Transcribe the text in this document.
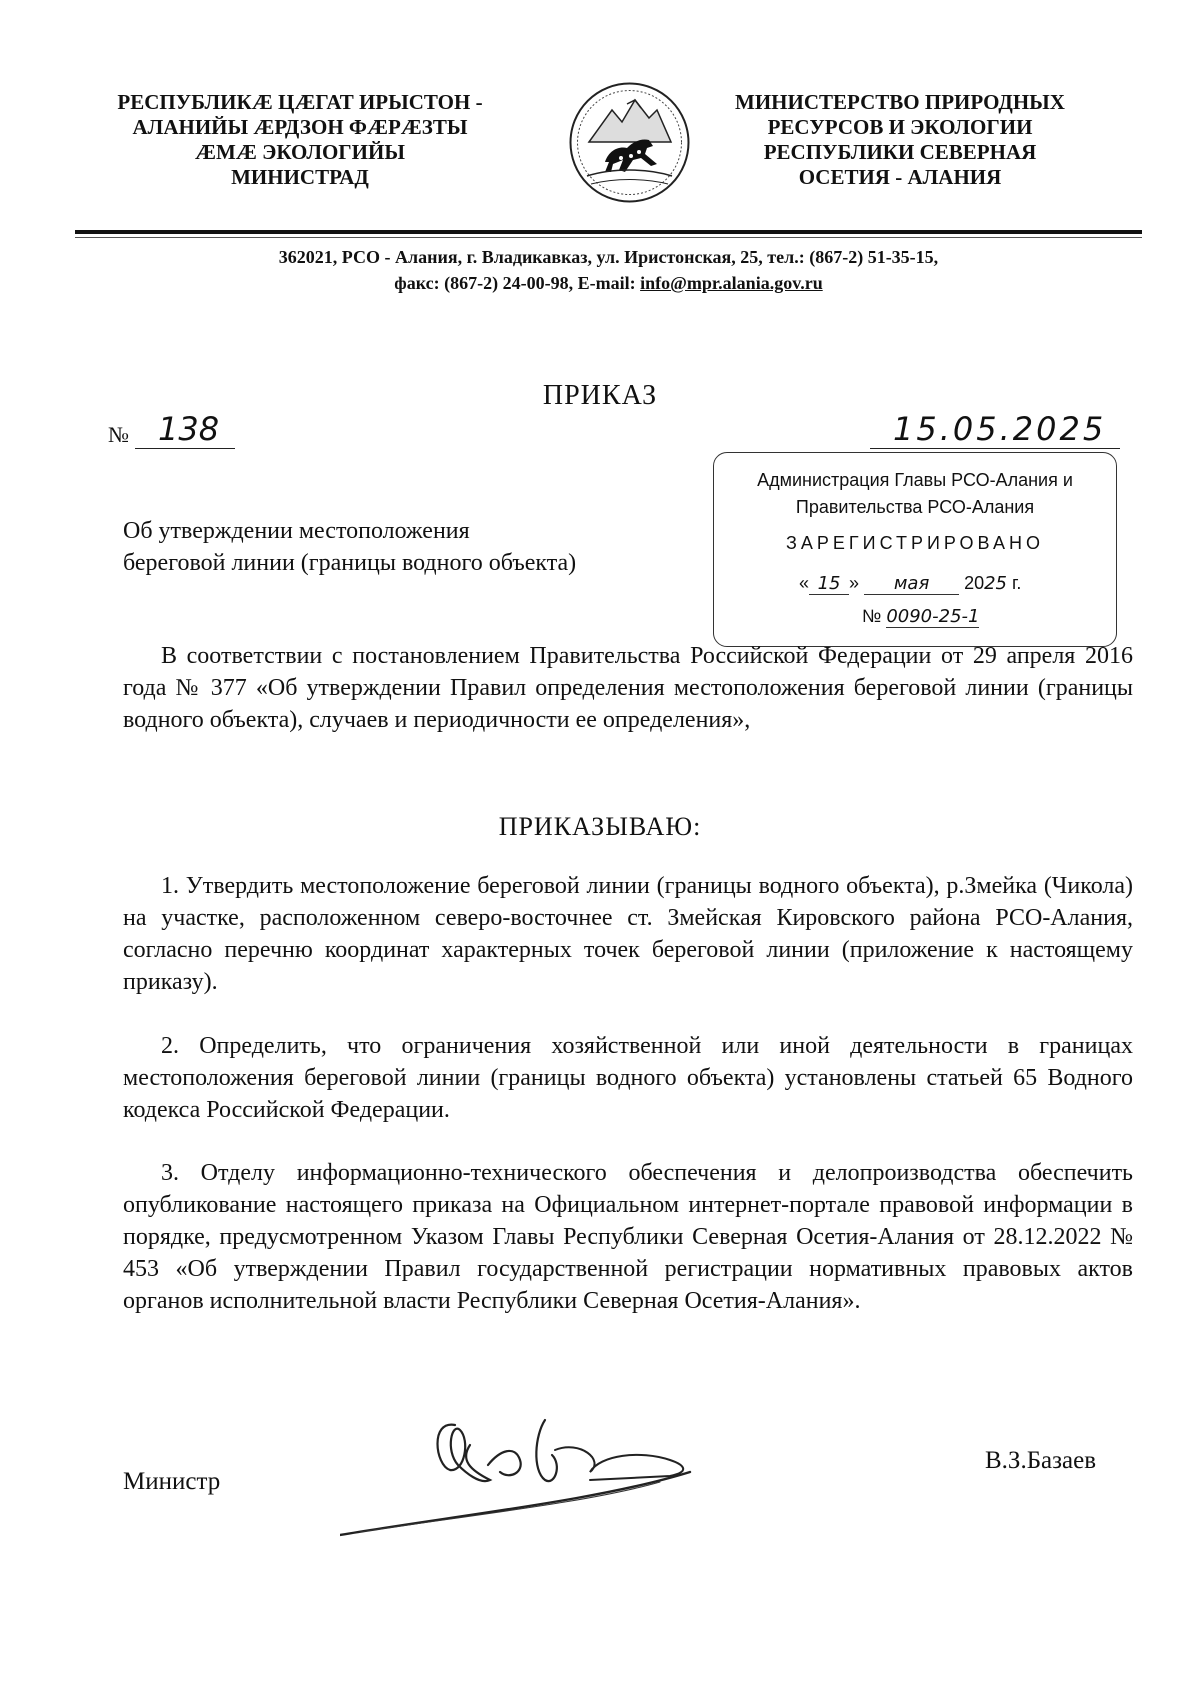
РЕСПУБЛИКӔ ЦӔГАТ ИРЫСТОН -
АЛАНИЙЫ ӔРДЗОН ФӔРӔЗТЫ
ӔМӔ ЭКОЛОГИЙЫ
МИНИСТРАД
МИНИСТЕРСТВО ПРИРОДНЫХ
РЕСУРСОВ И ЭКОЛОГИИ
РЕСПУБЛИКИ СЕВЕРНАЯ
ОСЕТИЯ - АЛАНИЯ
362021, РСО - Алания, г. Владикавказ, ул. Иристонская, 25, тел.: (867-2) 51-35-15,
факс: (867-2) 24-00-98, E-mail: info@mpr.alania.gov.ru
ПРИКАЗ
№ 138	15.05.2025
Об утверждении местоположения
береговой линии (границы водного объекта)
Администрация Главы РСО-Алания и
Правительства РСО-Алания
ЗАРЕГИСТРИРОВАНО
« 15 » мая 2025 г.
№ 0090-25-1
В соответствии с постановлением Правительства Российской Федерации от 29 апреля 2016 года № 377 «Об утверждении Правил определения местоположения береговой линии (границы водного объекта), случаев и периодичности ее определения»,
ПРИКАЗЫВАЮ:
1. Утвердить местоположение береговой линии (границы водного объекта), р.Змейка (Чикола) на участке, расположенном северо-восточнее ст. Змейская Кировского района РСО-Алания, согласно перечню координат характерных точек береговой линии (приложение к настоящему приказу).
2. Определить, что ограничения хозяйственной или иной деятельности в границах местоположения береговой линии (границы водного объекта) установлены статьей 65 Водного кодекса Российской Федерации.
3. Отделу информационно-технического обеспечения и делопроизводства обеспечить опубликование настоящего приказа на Официальном интернет-портале правовой информации в порядке, предусмотренном Указом Главы Республики Северная Осетия-Алания от 28.12.2022 № 453 «Об утверждении Правил государственной регистрации нормативных правовых актов органов исполнительной власти Республики Северная Осетия-Алания».
Министр
В.З.Базаев
